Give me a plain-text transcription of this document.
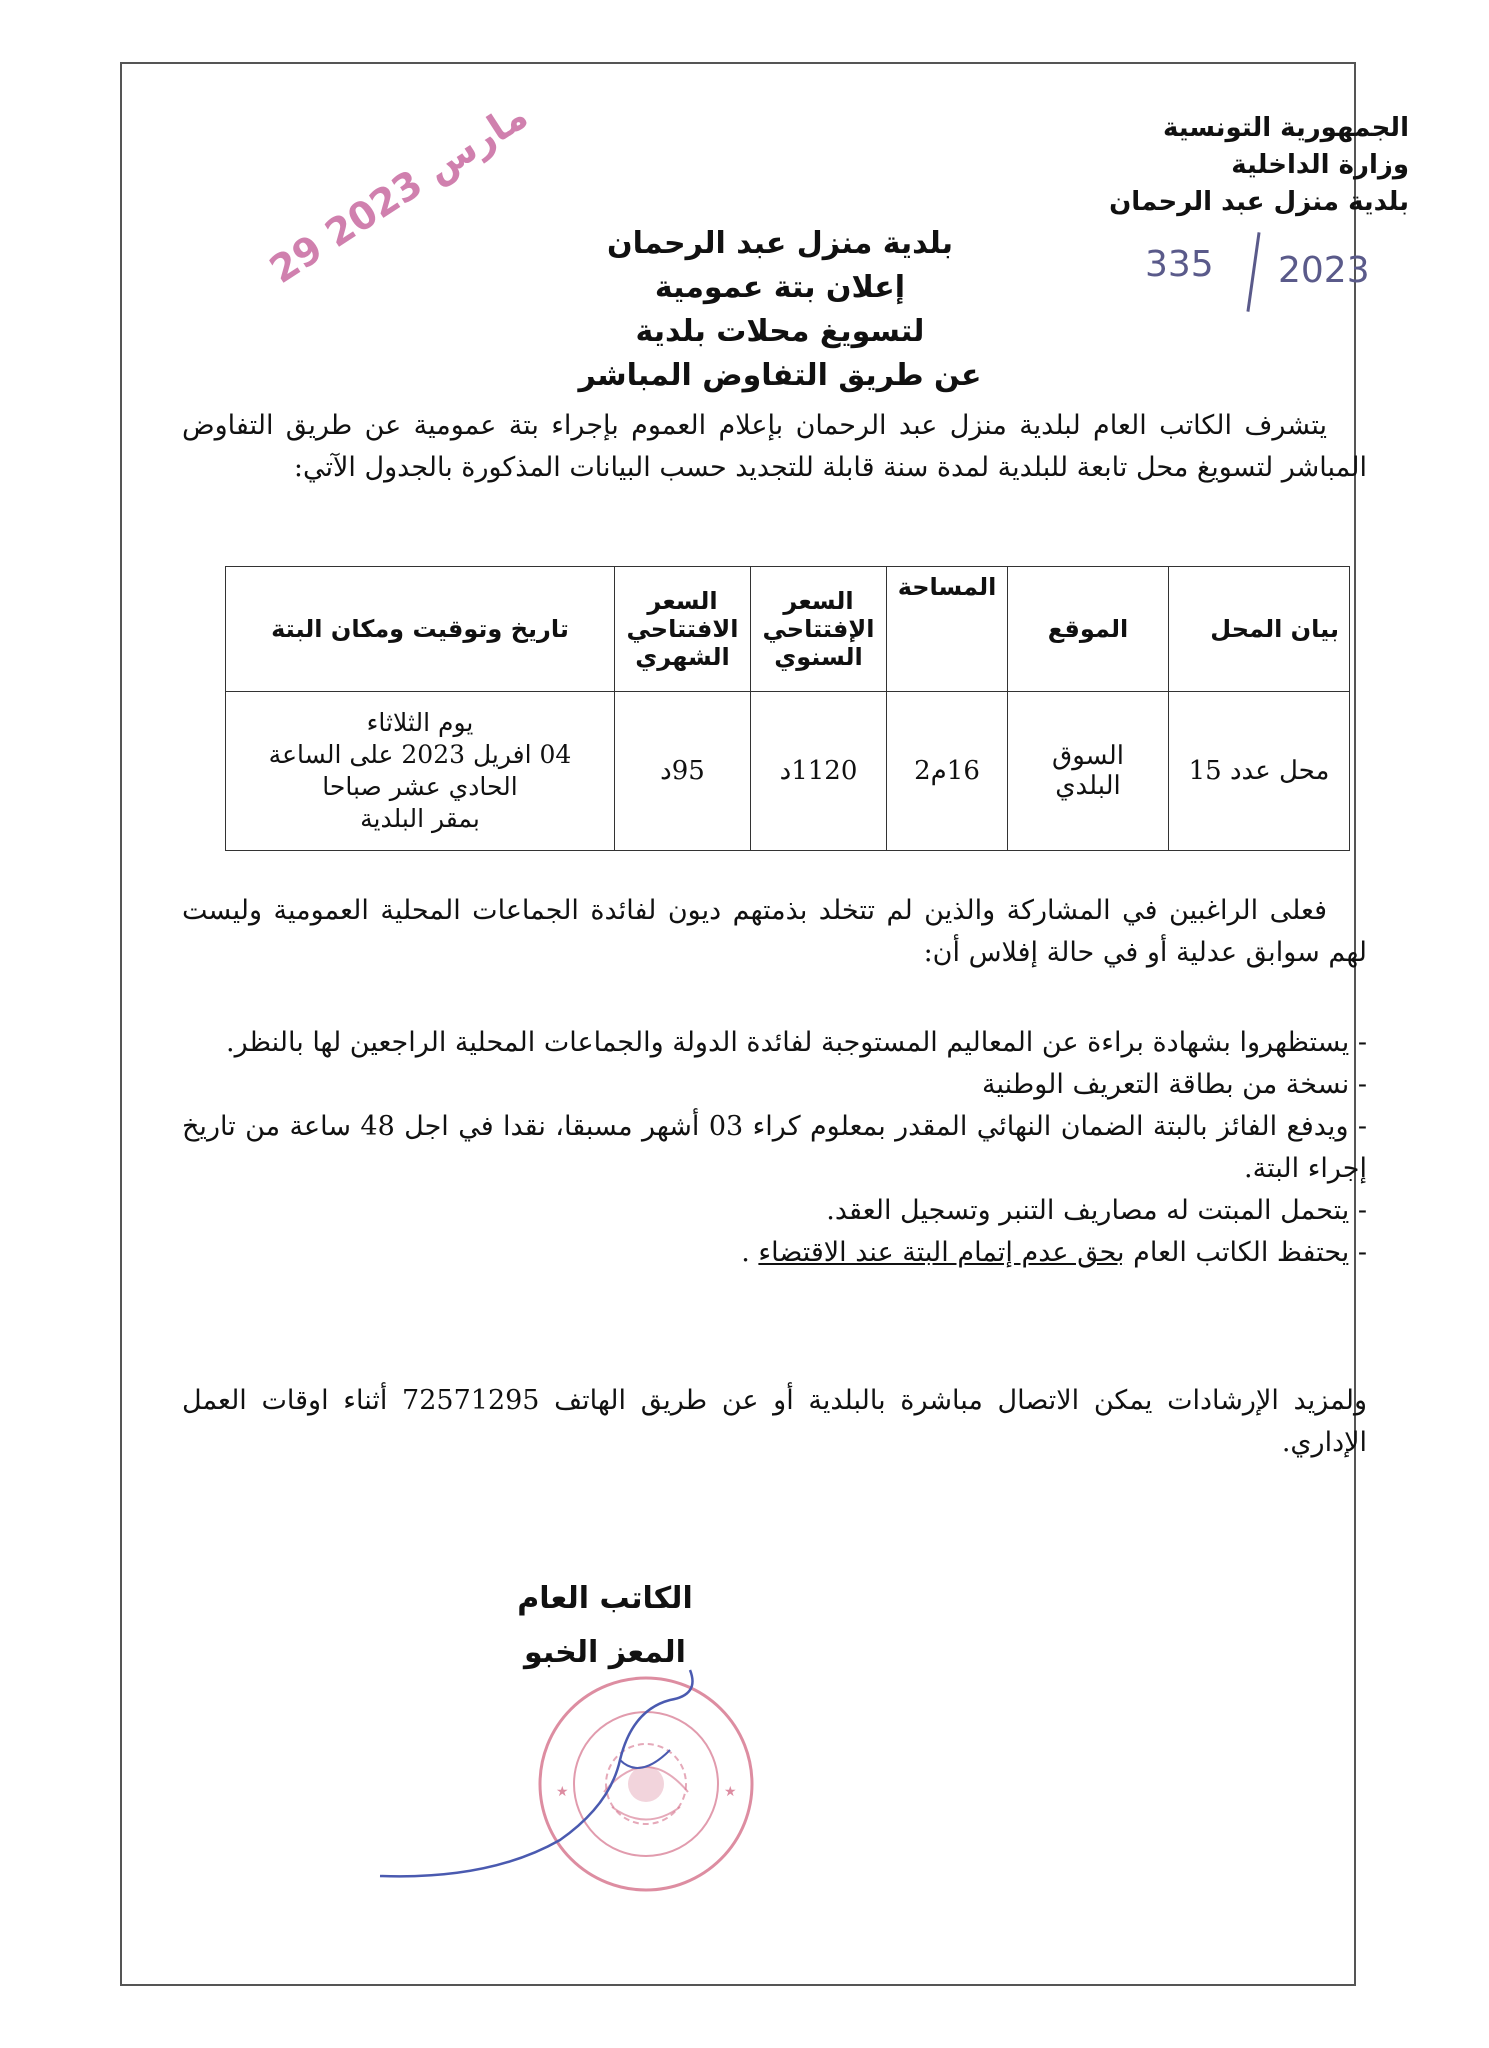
الجمهورية التونسية
وزارة الداخلية
بلدية منزل عبد الرحمان
335 2023
29 مارس 2023
بلدية منزل عبد الرحمان
إعلان بتة عمومية
لتسويغ محلات بلدية
عن طريق التفاوض المباشر
يتشرف الكاتب العام لبلدية منزل عبد الرحمان بإعلام العموم بإجراء بتة عمومية عن طريق التفاوض المباشر لتسويغ محل تابعة للبلدية لمدة سنة قابلة للتجديد حسب البيانات المذكورة بالجدول الآتي:
بيان المحل	الموقع	المساحة	السعر الإفتتاحي السنوي	السعر الافتتاحي الشهري	تاريخ وتوقيت ومكان البتة
محل عدد 15	السوق البلدي	16م2	1120د	95د	يوم الثلاثاء
04 افريل 2023 على الساعة
الحادي عشر صباحا
بمقر البلدية
فعلى الراغبين في المشاركة والذين لم تتخلد بذمتهم ديون لفائدة الجماعات المحلية العمومية وليست لهم سوابق عدلية أو في حالة إفلاس أن:

- يستظهروا بشهادة براءة عن المعاليم المستوجبة لفائدة الدولة والجماعات المحلية الراجعين لها بالنظر.

- نسخة من بطاقة التعريف الوطنية

- ويدفع الفائز بالبتة الضمان النهائي المقدر بمعلوم كراء 03 أشهر مسبقا، نقدا في اجل 48 ساعة من تاريخ إجراء البتة.

- يتحمل المبتت له مصاريف التنبر وتسجيل العقد.

- يحتفظ الكاتب العام بحق عدم إتمام البتة عند الاقتضاء .

ولمزيد الإرشادات يمكن الاتصال مباشرة بالبلدية أو عن طريق الهاتف 72571295 أثناء اوقات العمل الإداري.
الكاتب العام
المعز الخبو
★	★
